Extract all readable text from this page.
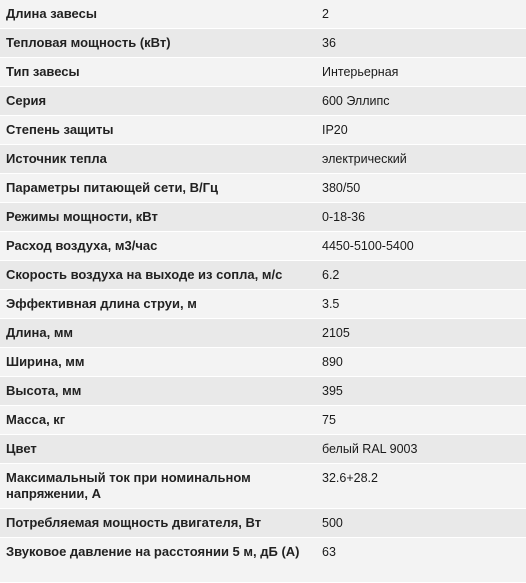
Длина завесы	2
Тепловая мощность (кВт)	36
Тип завесы	Интерьерная
Серия	600 Эллипс
Степень защиты	IP20
Источник тепла	электрический
Параметры питающей сети, В/Гц	380/50
Режимы мощности, кВт	0-18-36
Расход воздуха, м3/час	4450-5100-5400
Скорость воздуха на выходе из сопла, м/с	6.2
Эффективная длина струи, м	3.5
Длина, мм	2105
Ширина, мм	890
Высота, мм	395
Масса, кг	75
Цвет	белый RAL 9003
Максимальный ток при номинальном напряжении, А	32.6+28.2
Потребляемая мощность двигателя, Вт	500
Звуковое давление на расстоянии 5 м, дБ (А)	63
